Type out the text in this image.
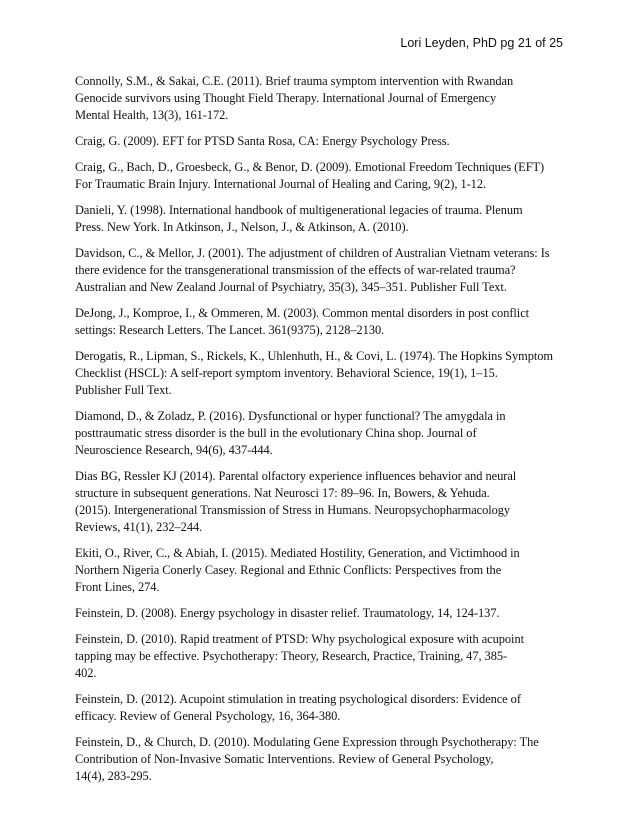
Lori Leyden, PhD pg 21 of 25
Connolly, S.M., & Sakai, C.E. (2011). Brief trauma symptom intervention with Rwandan
Genocide survivors using Thought Field Therapy. International Journal of Emergency
Mental Health, 13(3), 161-172.
Craig, G. (2009). EFT for PTSD Santa Rosa, CA: Energy Psychology Press.
Craig, G., Bach, D., Groesbeck, G., & Benor, D. (2009). Emotional Freedom Techniques (EFT)
For Traumatic Brain Injury. International Journal of Healing and Caring, 9(2), 1-12.
Danieli, Y. (1998). International handbook of multigenerational legacies of trauma. Plenum
Press. New York. In Atkinson, J., Nelson, J., & Atkinson, A. (2010).
Davidson, C., & Mellor, J. (2001). The adjustment of children of Australian Vietnam veterans: Is
there evidence for the transgenerational transmission of the effects of war-related trauma?
Australian and New Zealand Journal of Psychiatry, 35(3), 345–351. Publisher Full Text.
DeJong, J., Komproe, I., & Ommeren, M. (2003). Common mental disorders in post conflict
settings: Research Letters. The Lancet. 361(9375), 2128–2130.
Derogatis, R., Lipman, S., Rickels, K., Uhlenhuth, H., & Covi, L. (1974). The Hopkins Symptom
Checklist (HSCL): A self-report symptom inventory. Behavioral Science, 19(1), 1–15.
Publisher Full Text.
Diamond, D., & Zoladz, P. (2016). Dysfunctional or hyper functional? The amygdala in
posttraumatic stress disorder is the bull in the evolutionary China shop. Journal of
Neuroscience Research, 94(6), 437-444.
Dias BG, Ressler KJ (2014). Parental olfactory experience influences behavior and neural
structure in subsequent generations. Nat Neurosci 17: 89–96. In, Bowers, & Yehuda.
(2015). Intergenerational Transmission of Stress in Humans. Neuropsychopharmacology
Reviews, 41(1), 232–244.
Ekiti, O., River, C., & Abiah, I. (2015). Mediated Hostility, Generation, and Victimhood in
Northern Nigeria Conerly Casey. Regional and Ethnic Conflicts: Perspectives from the
Front Lines, 274.
Feinstein, D. (2008). Energy psychology in disaster relief. Traumatology, 14, 124-137.
Feinstein, D. (2010). Rapid treatment of PTSD: Why psychological exposure with acupoint
tapping may be effective. Psychotherapy: Theory, Research, Practice, Training, 47, 385-
402.
Feinstein, D. (2012). Acupoint stimulation in treating psychological disorders: Evidence of
efficacy. Review of General Psychology, 16, 364-380.
Feinstein, D., & Church, D. (2010). Modulating Gene Expression through Psychotherapy: The
Contribution of Non-Invasive Somatic Interventions. Review of General Psychology,
14(4), 283-295.
